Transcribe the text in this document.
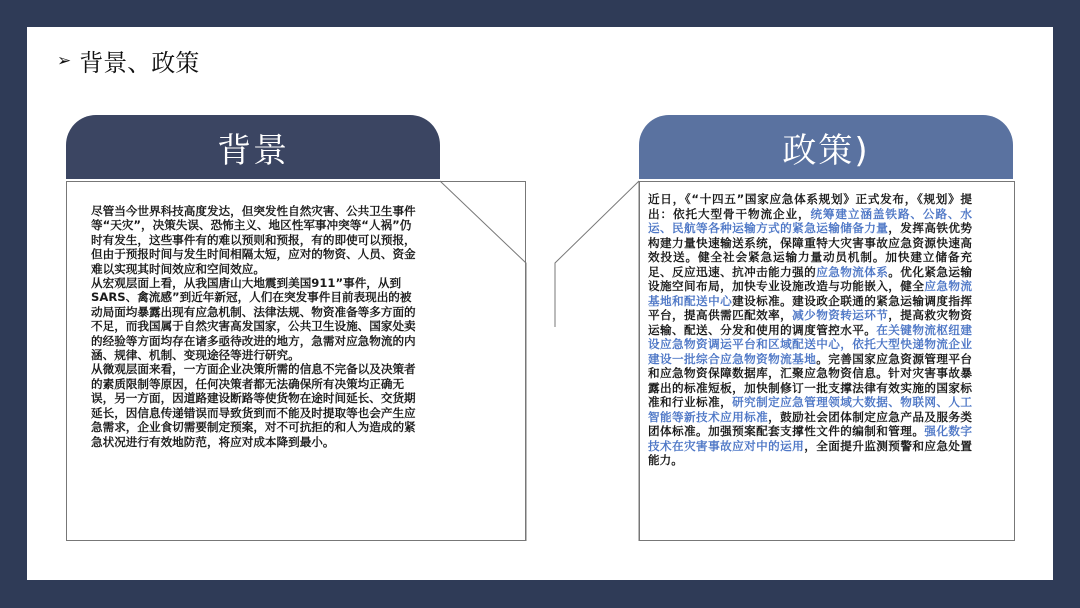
➢ 背景、政策
背景
尽管当今世界科技高度发达，但突发性自然灾害、公共卫生事件等“天灾”，决策失误、恐怖主义、地区性军事冲突等“人祸”仍时有发生，这些事件有的难以预则和预报，有的即使可以预报，但由于预报时间与发生时间相隔太短，应对的物资、人员、资金难以实现其时间效应和空间效应。
从宏观层面上看，从我国唐山大地震到美国911”事件，从到SARS、禽流感”到近年新冠，人们在突发事件目前表现出的被动局面均暴露出现有应急机制、法律法规、物资准备等多方面的不足，而我国属于自然灾害高发国家，公共卫生设施、国家处卖的经验等方面均存在诸多亟待改进的地方，急需对应急物流的内涵、规律、机制、变现途径等进行研究。
从微观层面来看，一方面企业决策所需的信息不完备以及决策者的素质限制等原因，任何决策者都无法确保所有决策均正确无误，另一方面，因道路建设断路等使货物在途时间延长、交货期延长，因信息传递错误而导致货到而不能及时提取等也会产生应急需求，企业食切需要制定预案，对不可抗拒的和人为造成的紧急状况进行有效地防范，将应对成本降到最小。
政策)
近日，《“十四五”国家应急体系规划》正式发布，《规划》提出：依托大型骨干物流企业，统筹建立涵盖铁路、公路、水运、民航等各种运输方式的紧急运输储备力量，发挥高铁优势构建力量快速输送系统，保障重特大灾害事故应急资源快速高效投送。健全社会紧急运输力量动员机制。加快建立储备充足、反应迅速、抗冲击能力强的应急物流体系。优化紧急运输设施空间布局，加快专业设施改造与功能嵌入，健全应急物流基地和配送中心建设标准。建设政企联通的紧急运输调度指挥平台，提高供需匹配效率，减少物资转运环节，提高救灾物资运输、配送、分发和使用的调度管控水平。在关键物流枢纽建设应急物资调运平台和区域配送中心，依托大型快递物流企业建设一批综合应急物资物流基地。完善国家应急资源管理平台和应急物资保障数据库，汇聚应急物资信息。针对灾害事故暴露出的标准短板，加快制修订一批支撑法律有效实施的国家标准和行业标准，研究制定应急管理领域大数据、物联网、人工智能等新技术应用标准，鼓励社会团体制定应急产品及服务类团体标准。加强预案配套支撑性文件的编制和管理。强化数字技术在灾害事故应对中的运用，全面提升监测预警和应急处置能力。
